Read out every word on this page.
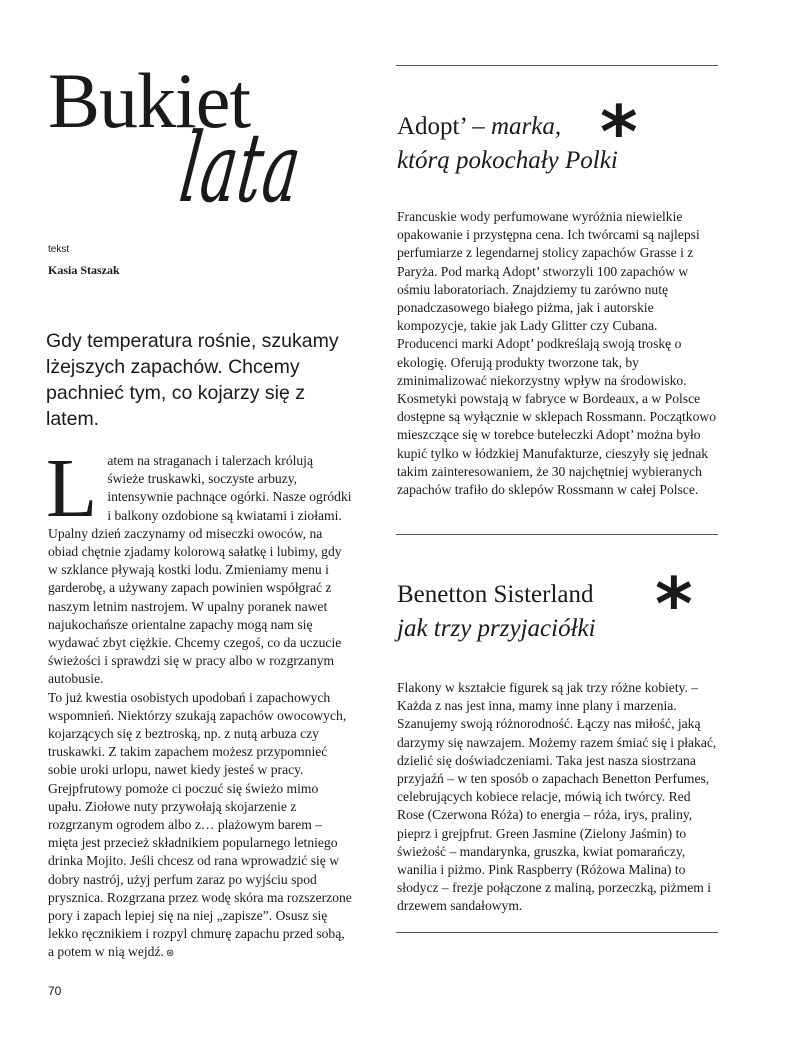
Bukiet
lata
tekst
Kasia Staszak
Gdy temperatura rośnie, szukamy lżejszych zapachów. Chcemy pachnieć tym, co kojarzy się z latem.
L atem na straganach i talerzach królują świeże truskawki, soczyste arbuzy, intensywnie pachnące ogórki. Nasze ogródki i balkony ozdobione są kwiatami i ziołami. Upalny dzień zaczynamy od miseczki owoców, na obiad chętnie zjadamy kolorową sałatkę i lubimy, gdy w szklance pływają kostki lodu. Zmieniamy menu i garderobę, a używany zapach powinien współgrać z naszym letnim nastrojem. W upalny poranek nawet najukochańsze orientalne zapachy mogą nam się wydawać zbyt ciężkie. Chcemy czegoś, co da uczucie świeżości i sprawdzi się w pracy albo w rozgrzanym autobusie.

To już kwestia osobistych upodobań i zapachowych wspomnień. Niektórzy szukają zapachów owocowych, kojarzących się z beztroską, np. z nutą arbuza czy truskawki. Z takim zapachem możesz przypomnieć sobie uroki urlopu, nawet kiedy jesteś w pracy. Grejpfrutowy pomoże ci poczuć się świeżo mimo upału. Ziołowe nuty przywołają skojarzenie z rozgrzanym ogrodem albo z… plażowym barem – mięta jest przecież składnikiem popularnego letniego drinka Mojito. Jeśli chcesz od rana wprowadzić się w dobry nastrój, użyj perfum zaraz po wyjściu spod prysznica. Rozgrzana przez wodę skóra ma rozszerzone pory i zapach lepiej się na niej „zapisze”. Osusz się lekko ręcznikiem i rozpyl chmurę zapachu przed sobą, a potem w nią wejdź. ⊛

Adopt’ – marka,
którą pokochały Polki
*
Francuskie wody perfumowane wyróżnia niewielkie opakowanie i przystępna cena. Ich twórcami są najlepsi perfumiarze z legendarnej stolicy zapachów Grasse i z Paryża. Pod marką Adopt’ stworzyli 100 zapachów w ośmiu laboratoriach. Znajdziemy tu zarówno nutę ponadczasowego białego piżma, jak i autorskie kompozycje, takie jak Lady Glitter czy Cubana. Producenci marki Adopt’ podkreślają swoją troskę o ekologię. Oferują produkty tworzone tak, by zminimalizować niekorzystny wpływ na środowisko. Kosmetyki powstają w fabryce w Bordeaux, a w Polsce dostępne są wyłącznie w sklepach Rossmann. Początkowo mieszczące się w torebce buteleczki Adopt’ można było kupić tylko w łódzkiej Manufakturze, cieszyły się jednak takim zainteresowaniem, że 30 najchętniej wybieranych zapachów trafiło do sklepów Rossmann w całej Polsce.
Benetton Sisterland
jak trzy przyjaciółki *
Flakony w kształcie figurek są jak trzy różne kobiety. – Każda z nas jest inna, mamy inne plany i marzenia. Szanujemy swoją różnorodność. Łączy nas miłość, jaką darzymy się nawzajem. Możemy razem śmiać się i płakać, dzielić się doświadczeniami. Taka jest nasza siostrzana przyjaźń – w ten sposób o zapachach Benetton Perfumes, celebrujących kobiece relacje, mówią ich twórcy. Red Rose (Czerwona Róża) to energia – róża, irys, praliny, pieprz i grejpfrut. Green Jasmine (Zielony Jaśmin) to świeżość – mandarynka, gruszka, kwiat pomarańczy, wanilia i piżmo. Pink Raspberry (Różowa Malina) to słodycz – frezje połączone z maliną, porzeczką, piżmem i drzewem sandałowym.
70
